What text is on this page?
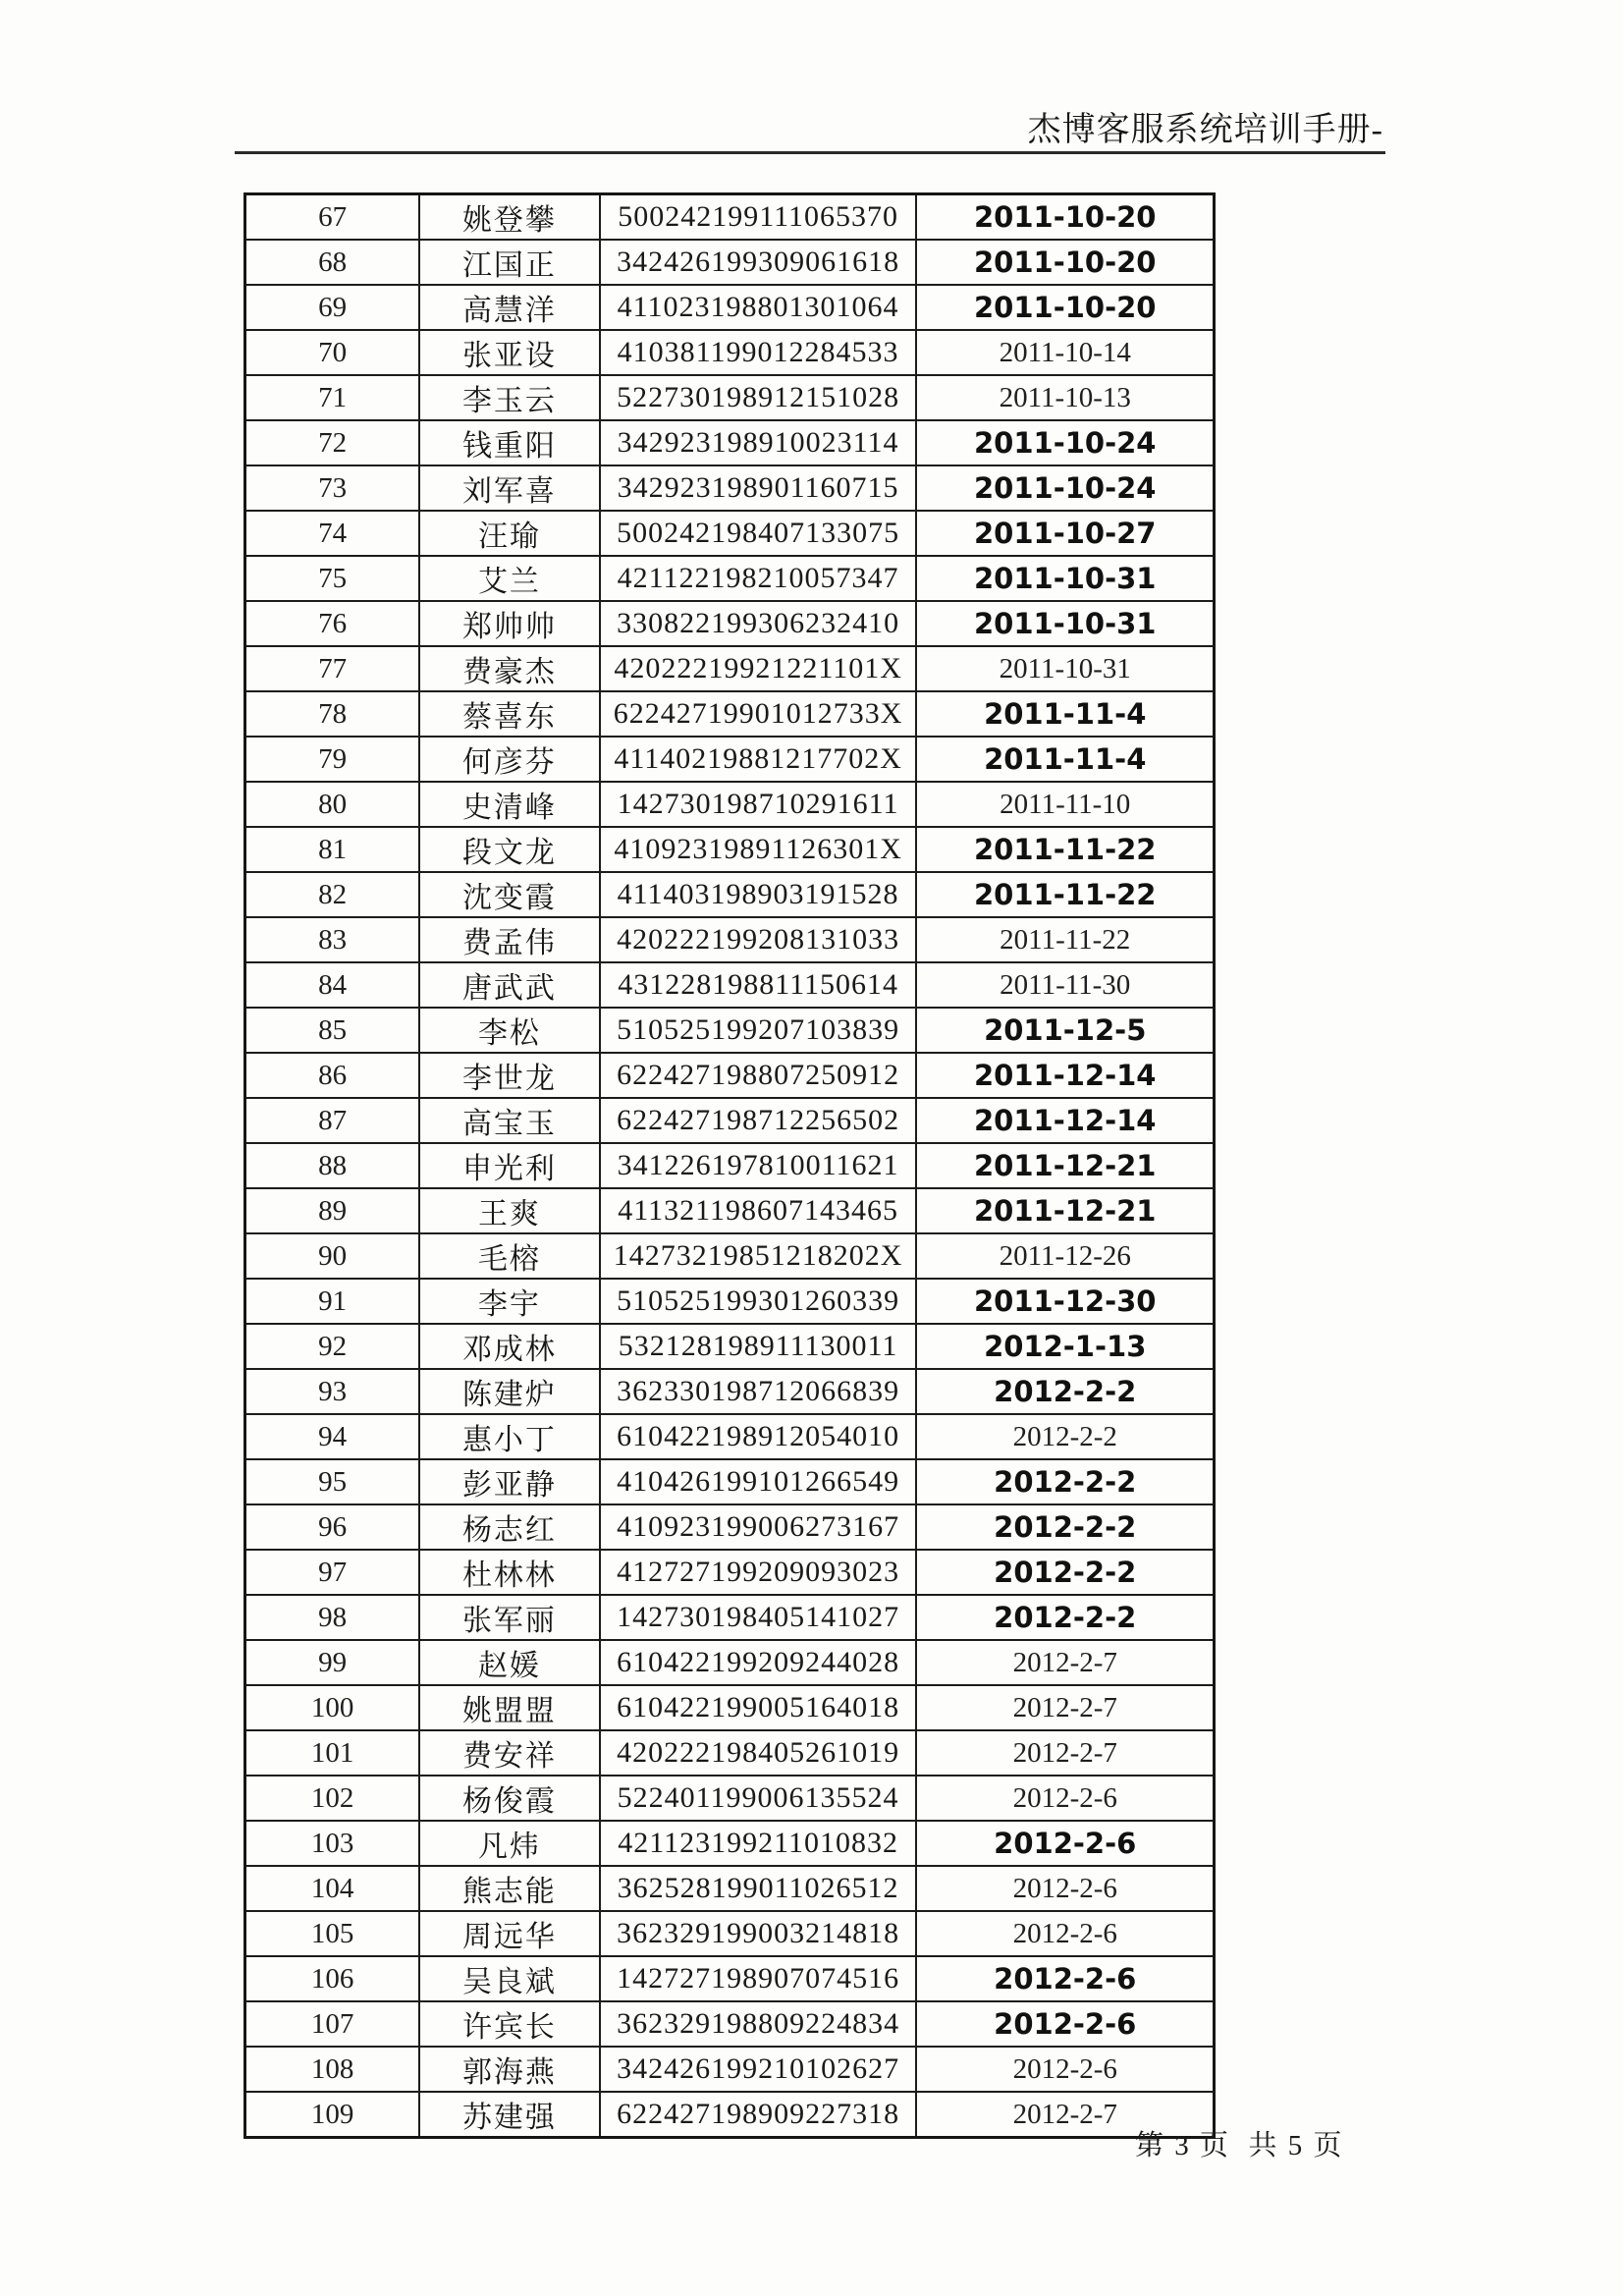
杰博客服系统培训手册-
67	姚登攀	500242199111065370	2011-10-20
68	江国正	342426199309061618	2011-10-20
69	高慧洋	411023198801301064	2011-10-20
70	张亚设	410381199012284533	2011-10-14
71	李玉云	522730198912151028	2011-10-13
72	钱重阳	342923198910023114	2011-10-24
73	刘军喜	342923198901160715	2011-10-24
74	汪瑜	500242198407133075	2011-10-27
75	艾兰	421122198210057347	2011-10-31
76	郑帅帅	330822199306232410	2011-10-31
77	费豪杰	42022219921221101X	2011-10-31
78	蔡喜东	62242719901012733X	2011-11-4
79	何彦芬	41140219881217702X	2011-11-4
80	史清峰	142730198710291611	2011-11-10
81	段文龙	41092319891126301X	2011-11-22
82	沈变霞	411403198903191528	2011-11-22
83	费孟伟	420222199208131033	2011-11-22
84	唐武武	431228198811150614	2011-11-30
85	李松	510525199207103839	2011-12-5
86	李世龙	622427198807250912	2011-12-14
87	高宝玉	622427198712256502	2011-12-14
88	申光利	341226197810011621	2011-12-21
89	王爽	411321198607143465	2011-12-21
90	毛榕	14273219851218202X	2011-12-26
91	李宇	510525199301260339	2011-12-30
92	邓成林	532128198911130011	2012-1-13
93	陈建炉	362330198712066839	2012-2-2
94	惠小丁	610422198912054010	2012-2-2
95	彭亚静	410426199101266549	2012-2-2
96	杨志红	410923199006273167	2012-2-2
97	杜林林	412727199209093023	2012-2-2
98	张军丽	142730198405141027	2012-2-2
99	赵媛	610422199209244028	2012-2-7
100	姚盟盟	610422199005164018	2012-2-7
101	费安祥	420222198405261019	2012-2-7
102	杨俊霞	522401199006135524	2012-2-6
103	凡炜	421123199211010832	2012-2-6
104	熊志能	362528199011026512	2012-2-6
105	周远华	362329199003214818	2012-2-6
106	吴良斌	142727198907074516	2012-2-6
107	许宾长	362329198809224834	2012-2-6
108	郭海燕	342426199210102627	2012-2-6
109	苏建强	622427198909227318	2012-2-7
第 3 页  共 5 页
